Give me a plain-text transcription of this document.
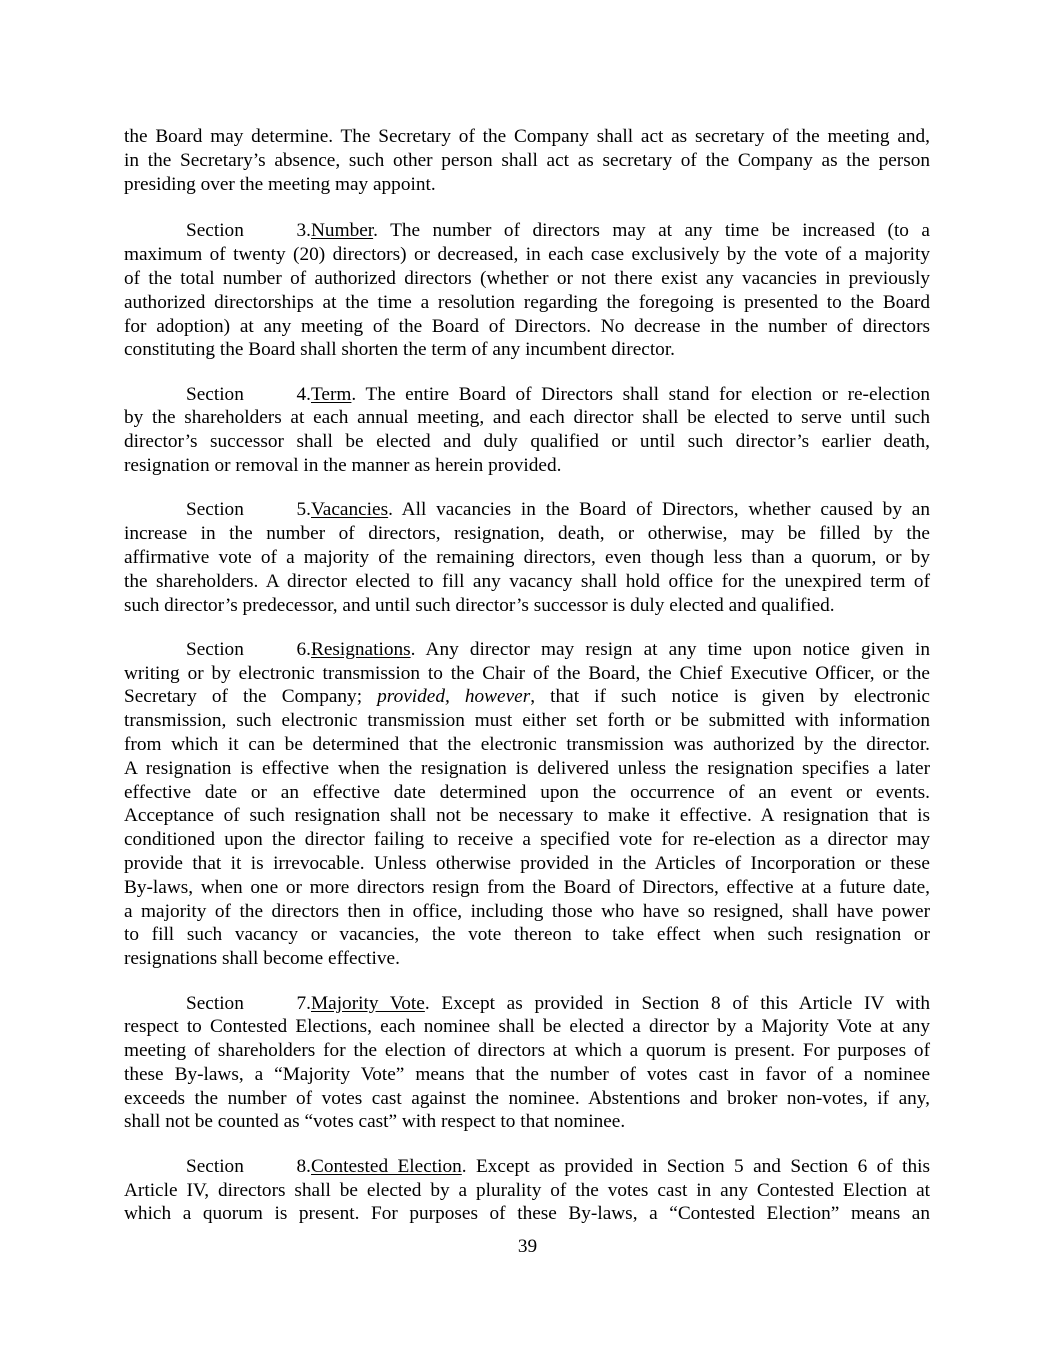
the Board may determine. The Secretary of the Company shall act as secretary of the meeting and,
in the Secretary’s absence, such other person shall act as secretary of the Company as the person
presiding over the meeting may appoint.
Section 3.Number. The number of directors may at any time be increased (to a
maximum of twenty (20) directors) or decreased, in each case exclusively by the vote of a majority
of the total number of authorized directors (whether or not there exist any vacancies in previously
authorized directorships at the time a resolution regarding the foregoing is presented to the Board
for adoption) at any meeting of the Board of Directors. No decrease in the number of directors
constituting the Board shall shorten the term of any incumbent director.
Section 4.Term. The entire Board of Directors shall stand for election or re-election
by the shareholders at each annual meeting, and each director shall be elected to serve until such
director’s successor shall be elected and duly qualified or until such director’s earlier death,
resignation or removal in the manner as herein provided.
Section 5.Vacancies. All vacancies in the Board of Directors, whether caused by an
increase in the number of directors, resignation, death, or otherwise, may be filled by the
affirmative vote of a majority of the remaining directors, even though less than a quorum, or by
the shareholders. A director elected to fill any vacancy shall hold office for the unexpired term of
such director’s predecessor, and until such director’s successor is duly elected and qualified.
Section 6.Resignations. Any director may resign at any time upon notice given in
writing or by electronic transmission to the Chair of the Board, the Chief Executive Officer, or the
Secretary of the Company; provided, however, that if such notice is given by electronic
transmission, such electronic transmission must either set forth or be submitted with information
from which it can be determined that the electronic transmission was authorized by the director.
A resignation is effective when the resignation is delivered unless the resignation specifies a later
effective date or an effective date determined upon the occurrence of an event or events.
Acceptance of such resignation shall not be necessary to make it effective. A resignation that is
conditioned upon the director failing to receive a specified vote for re-election as a director may
provide that it is irrevocable. Unless otherwise provided in the Articles of Incorporation or these
By-laws, when one or more directors resign from the Board of Directors, effective at a future date,
a majority of the directors then in office, including those who have so resigned, shall have power
to fill such vacancy or vacancies, the vote thereon to take effect when such resignation or
resignations shall become effective.
Section 7.Majority Vote. Except as provided in Section 8 of this Article IV with
respect to Contested Elections, each nominee shall be elected a director by a Majority Vote at any
meeting of shareholders for the election of directors at which a quorum is present. For purposes of
these By-laws, a “Majority Vote” means that the number of votes cast in favor of a nominee
exceeds the number of votes cast against the nominee. Abstentions and broker non-votes, if any,
shall not be counted as “votes cast” with respect to that nominee.
Section 8.Contested Election. Except as provided in Section 5 and Section 6 of this
Article IV, directors shall be elected by a plurality of the votes cast in any Contested Election at
which a quorum is present. For purposes of these By-laws, a “Contested Election” means an
39
